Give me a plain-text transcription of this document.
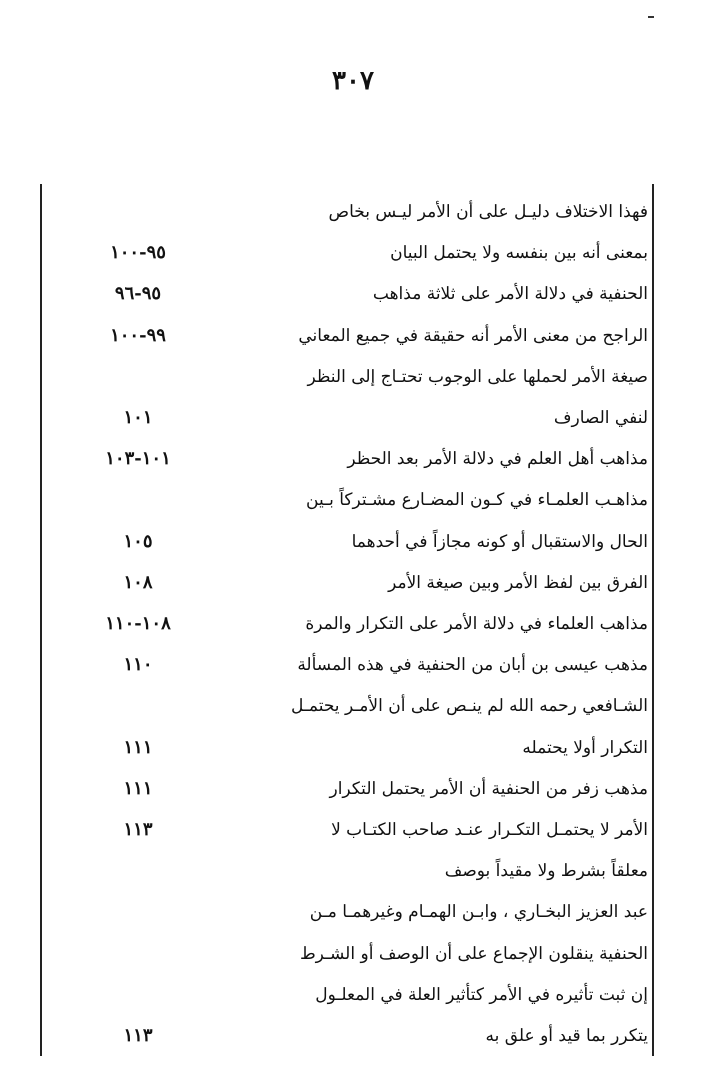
٣٠٧
فهذا الاختلاف دليـل على أن الأمر ليـس بخاص
بمعنى أنه بين بنفسه ولا يحتمل البيان
٩٥-١٠٠
الحنفية في دلالة الأمر على ثلاثة مذاهب
٩٥-٩٦
الراجح من معنى الأمر أنه حقيقة في جميع المعاني
٩٩-١٠٠
صيغة الأمر لحملها على الوجوب تحتـاج إلى النظر
لنفي الصارف
١٠١
مذاهب أهل العلم في دلالة الأمر بعد الحظر
١٠١-١٠٣
مذاهـب العلمـاء في كـون المضـارع مشـتركاً بـين
الحال والاستقبال أو كونه مجازاً في أحدهما
١٠٥
الفرق بين لفظ الأمر وبين صيغة الأمر
١٠٨
مذاهب العلماء في دلالة الأمر على التكرار والمرة
١٠٨-١١٠
مذهب عيسى بن أبان من الحنفية في هذه المسألة
١١٠
الشـافعي رحمه الله لم ينـص على أن الأمـر يحتمـل
التكرار أولا يحتمله
١١١
مذهب زفر من الحنفية أن الأمر يحتمل التكرار
١١١
الأمر لا يحتمـل التكـرار عنـد صاحب الكتـاب لا
١١٣
معلقاً بشرط ولا مقيداً بوصف
عبد العزيز البخـاري ، وابـن الهمـام وغيرهمـا مـن
الحنفية ينقلون الإجماع على أن الوصف أو الشـرط
إن ثبت تأثيره في الأمر كتأثير العلة في المعلـول
يتكرر بما قيد أو علق به
١١٣
